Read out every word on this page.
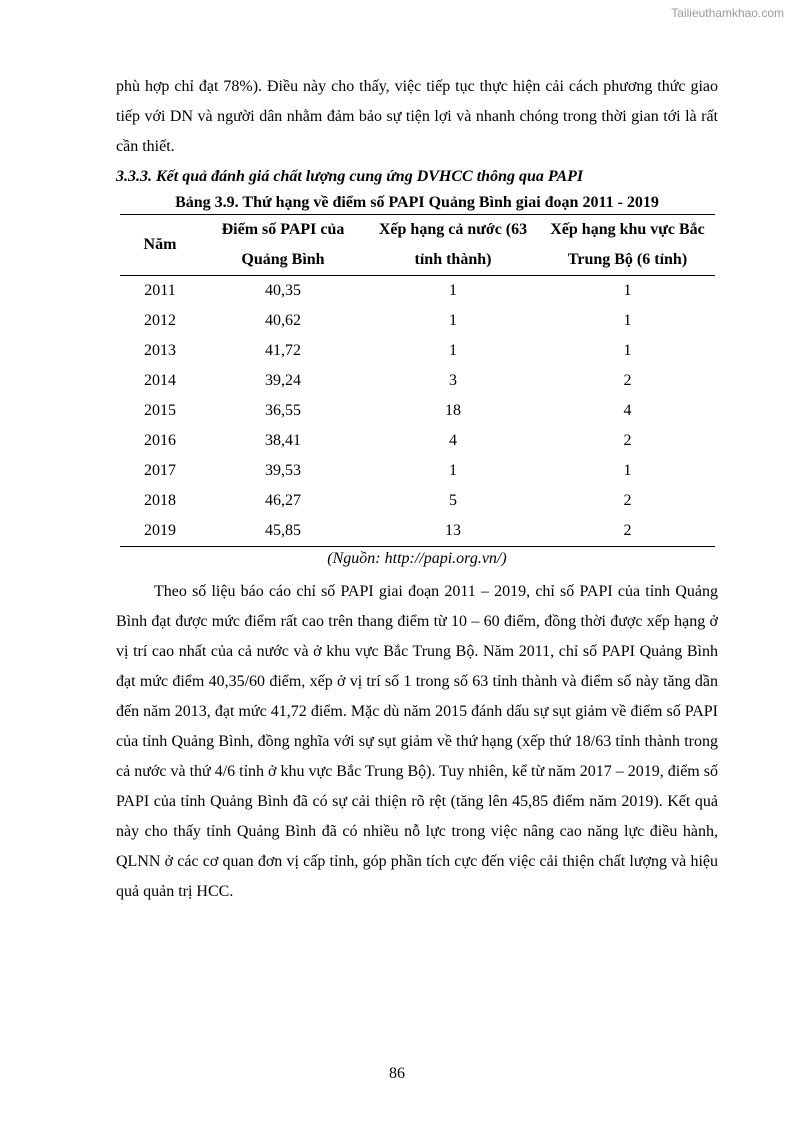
Tailieuthamkhao.com

phù hợp chỉ đạt 78%). Điều này cho thấy, việc tiếp tục thực hiện cải cách phương thức giao tiếp với DN và người dân nhằm đảm bảo sự tiện lợi và nhanh chóng trong thời gian tới là rất cần thiết.

3.3.3. Kết quả đánh giá chất lượng cung ứng DVHCC thông qua PAPI

Bảng 3.9. Thứ hạng về điểm số PAPI Quảng Bình giai đoạn 2011 - 2019

Năm	Điểm số PAPI của Quảng Bình	Xếp hạng cả nước (63 tỉnh thành)	Xếp hạng khu vực Bắc Trung Bộ (6 tỉnh)
2011	40,35	1	1
2012	40,62	1	1
2013	41,72	1	1
2014	39,24	3	2
2015	36,55	18	4
2016	38,41	4	2
2017	39,53	1	1
2018	46,27	5	2
2019	45,85	13	2

(Nguồn: http://papi.org.vn/)

Theo số liệu báo cáo chỉ số PAPI giai đoạn 2011 – 2019, chỉ số PAPI của tỉnh Quảng Bình đạt được mức điểm rất cao trên thang điểm từ 10 – 60 điểm, đồng thời được xếp hạng ở vị trí cao nhất của cả nước và ở khu vực Bắc Trung Bộ. Năm 2011, chỉ số PAPI Quảng Bình đạt mức điểm 40,35/60 điểm, xếp ở vị trí số 1 trong số 63 tỉnh thành và điểm số này tăng dần đến năm 2013, đạt mức 41,72 điểm. Mặc dù năm 2015 đánh dấu sự sụt giảm về điểm số PAPI của tỉnh Quảng Bình, đồng nghĩa với sự sụt giảm về thứ hạng (xếp thứ 18/63 tỉnh thành trong cả nước và thứ 4/6 tỉnh ở khu vực Bắc Trung Bộ). Tuy nhiên, kể từ năm 2017 – 2019, điểm số PAPI của tỉnh Quảng Bình đã có sự cải thiện rõ rệt (tăng lên 45,85 điểm năm 2019). Kết quả này cho thấy tỉnh Quảng Bình đã có nhiều nỗ lực trong việc nâng cao năng lực điều hành, QLNN ở các cơ quan đơn vị cấp tỉnh, góp phần tích cực đến việc cải thiện chất lượng và hiệu quả quản trị HCC.

86
